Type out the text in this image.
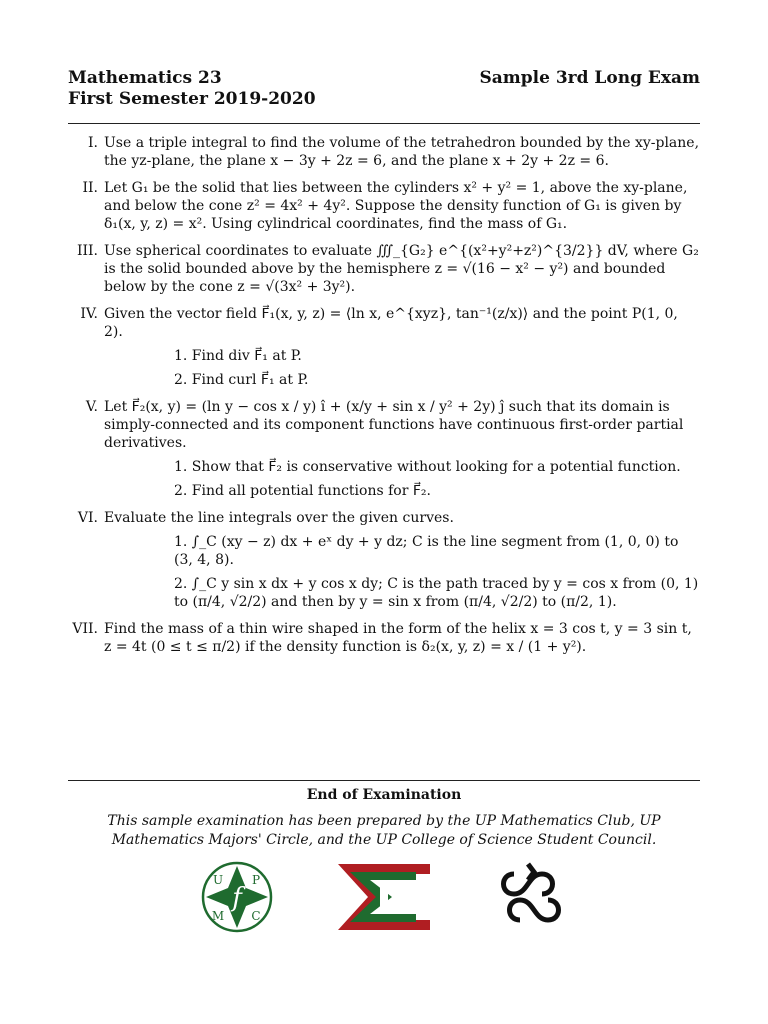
Mathematics 23
First Semester 2019-2020
Sample 3rd Long Exam
I. Use a triple integral to find the volume of the tetrahedron bounded by the xy-plane, the yz-plane, the plane x − 3y + 2z = 6, and the plane x + 2y + 2z = 6.
II. Let G₁ be the solid that lies between the cylinders x² + y² = 1, above the xy-plane, and below the cone z² = 4x² + 4y². Suppose the density function of G₁ is given by δ₁(x, y, z) = x². Using cylindrical coordinates, find the mass of G₁.
III. Use spherical coordinates to evaluate ∭_{G₂} e^{(x²+y²+z²)^{3/2}} dV, where G₂ is the solid bounded above by the hemisphere z = √(16 − x² − y²) and bounded below by the cone z = √(3x² + 3y²).
IV. Given the vector field F⃗₁(x, y, z) = ⟨ln x, e^{xyz}, tan⁻¹(z/x)⟩ and the point P(1, 0, 2).
1. Find div F⃗₁ at P.
2. Find curl F⃗₁ at P.
V. Let F⃗₂(x, y) = (ln y − cos x / y) î + (x/y + sin x / y² + 2y) ĵ such that its domain is simply-connected and its component functions have continuous first-order partial derivatives.
1. Show that F⃗₂ is conservative without looking for a potential function.
2. Find all potential functions for F⃗₂.
VI. Evaluate the line integrals over the given curves.
1. ∫_C (xy − z) dx + eˣ dy + y dz; C is the line segment from (1, 0, 0) to (3, 4, 8).
2. ∫_C y sin x dx + y cos x dy; C is the path traced by y = cos x from (0, 1) to (π/4, √2/2) and then by y = sin x from (π/4, √2/2) to (π/2, 1).
VII. Find the mass of a thin wire shaped in the form of the helix x = 3 cos t, y = 3 sin t, z = 4t (0 ≤ t ≤ π/2) if the density function is δ₂(x, y, z) = x / (1 + y²).
End of Examination
This sample examination has been prepared by the UP Mathematics Club, UP Mathematics Majors' Circle, and the UP College of Science Student Council.
f
U P
M C
